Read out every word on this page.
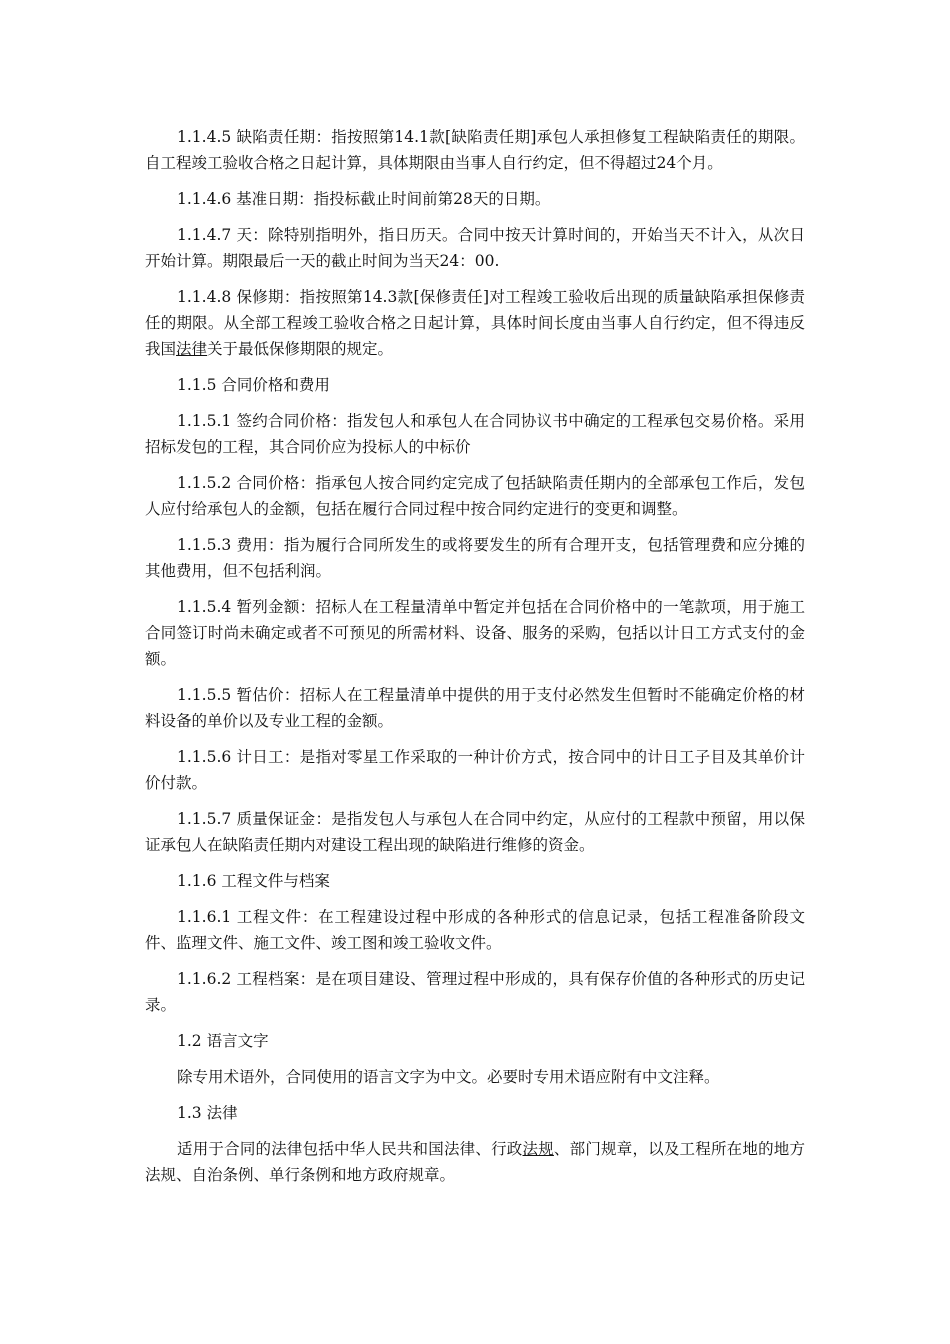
1.1.4.5 缺陷责任期：指按照第14.1款[缺陷责任期]承包人承担修复工程缺陷责任的期限。自工程竣工验收合格之日起计算，具体期限由当事人自行约定，但不得超过24个月。

1.1.4.6 基准日期：指投标截止时间前第28天的日期。

1.1.4.7 天：除特别指明外，指日历天。合同中按天计算时间的，开始当天不计入，从次日开始计算。期限最后一天的截止时间为当天24：00.

1.1.4.8 保修期：指按照第14.3款[保修责任]对工程竣工验收后出现的质量缺陷承担保修责任的期限。从全部工程竣工验收合格之日起计算，具体时间长度由当事人自行约定，但不得违反我国法律关于最低保修期限的规定。

1.1.5 合同价格和费用

1.1.5.1 签约合同价格：指发包人和承包人在合同协议书中确定的工程承包交易价格。采用招标发包的工程，其合同价应为投标人的中标价

1.1.5.2 合同价格：指承包人按合同约定完成了包括缺陷责任期内的全部承包工作后，发包人应付给承包人的金额，包括在履行合同过程中按合同约定进行的变更和调整。

1.1.5.3 费用：指为履行合同所发生的或将要发生的所有合理开支，包括管理费和应分摊的其他费用，但不包括利润。

1.1.5.4 暂列金额：招标人在工程量清单中暂定并包括在合同价格中的一笔款项，用于施工合同签订时尚未确定或者不可预见的所需材料、设备、服务的采购，包括以计日工方式支付的金额。

1.1.5.5 暂估价：招标人在工程量清单中提供的用于支付必然发生但暂时不能确定价格的材料设备的单价以及专业工程的金额。

1.1.5.6 计日工：是指对零星工作采取的一种计价方式，按合同中的计日工子目及其单价计价付款。

1.1.5.7 质量保证金：是指发包人与承包人在合同中约定，从应付的工程款中预留，用以保证承包人在缺陷责任期内对建设工程出现的缺陷进行维修的资金。

1.1.6 工程文件与档案

1.1.6.1 工程文件：在工程建设过程中形成的各种形式的信息记录，包括工程准备阶段文件、监理文件、施工文件、竣工图和竣工验收文件。

1.1.6.2 工程档案：是在项目建设、管理过程中形成的，具有保存价值的各种形式的历史记录。

1.2 语言文字

除专用术语外，合同使用的语言文字为中文。必要时专用术语应附有中文注释。

1.3 法律

适用于合同的法律包括中华人民共和国法律、行政法规、部门规章，以及工程所在地的地方法规、自治条例、单行条例和地方政府规章。
